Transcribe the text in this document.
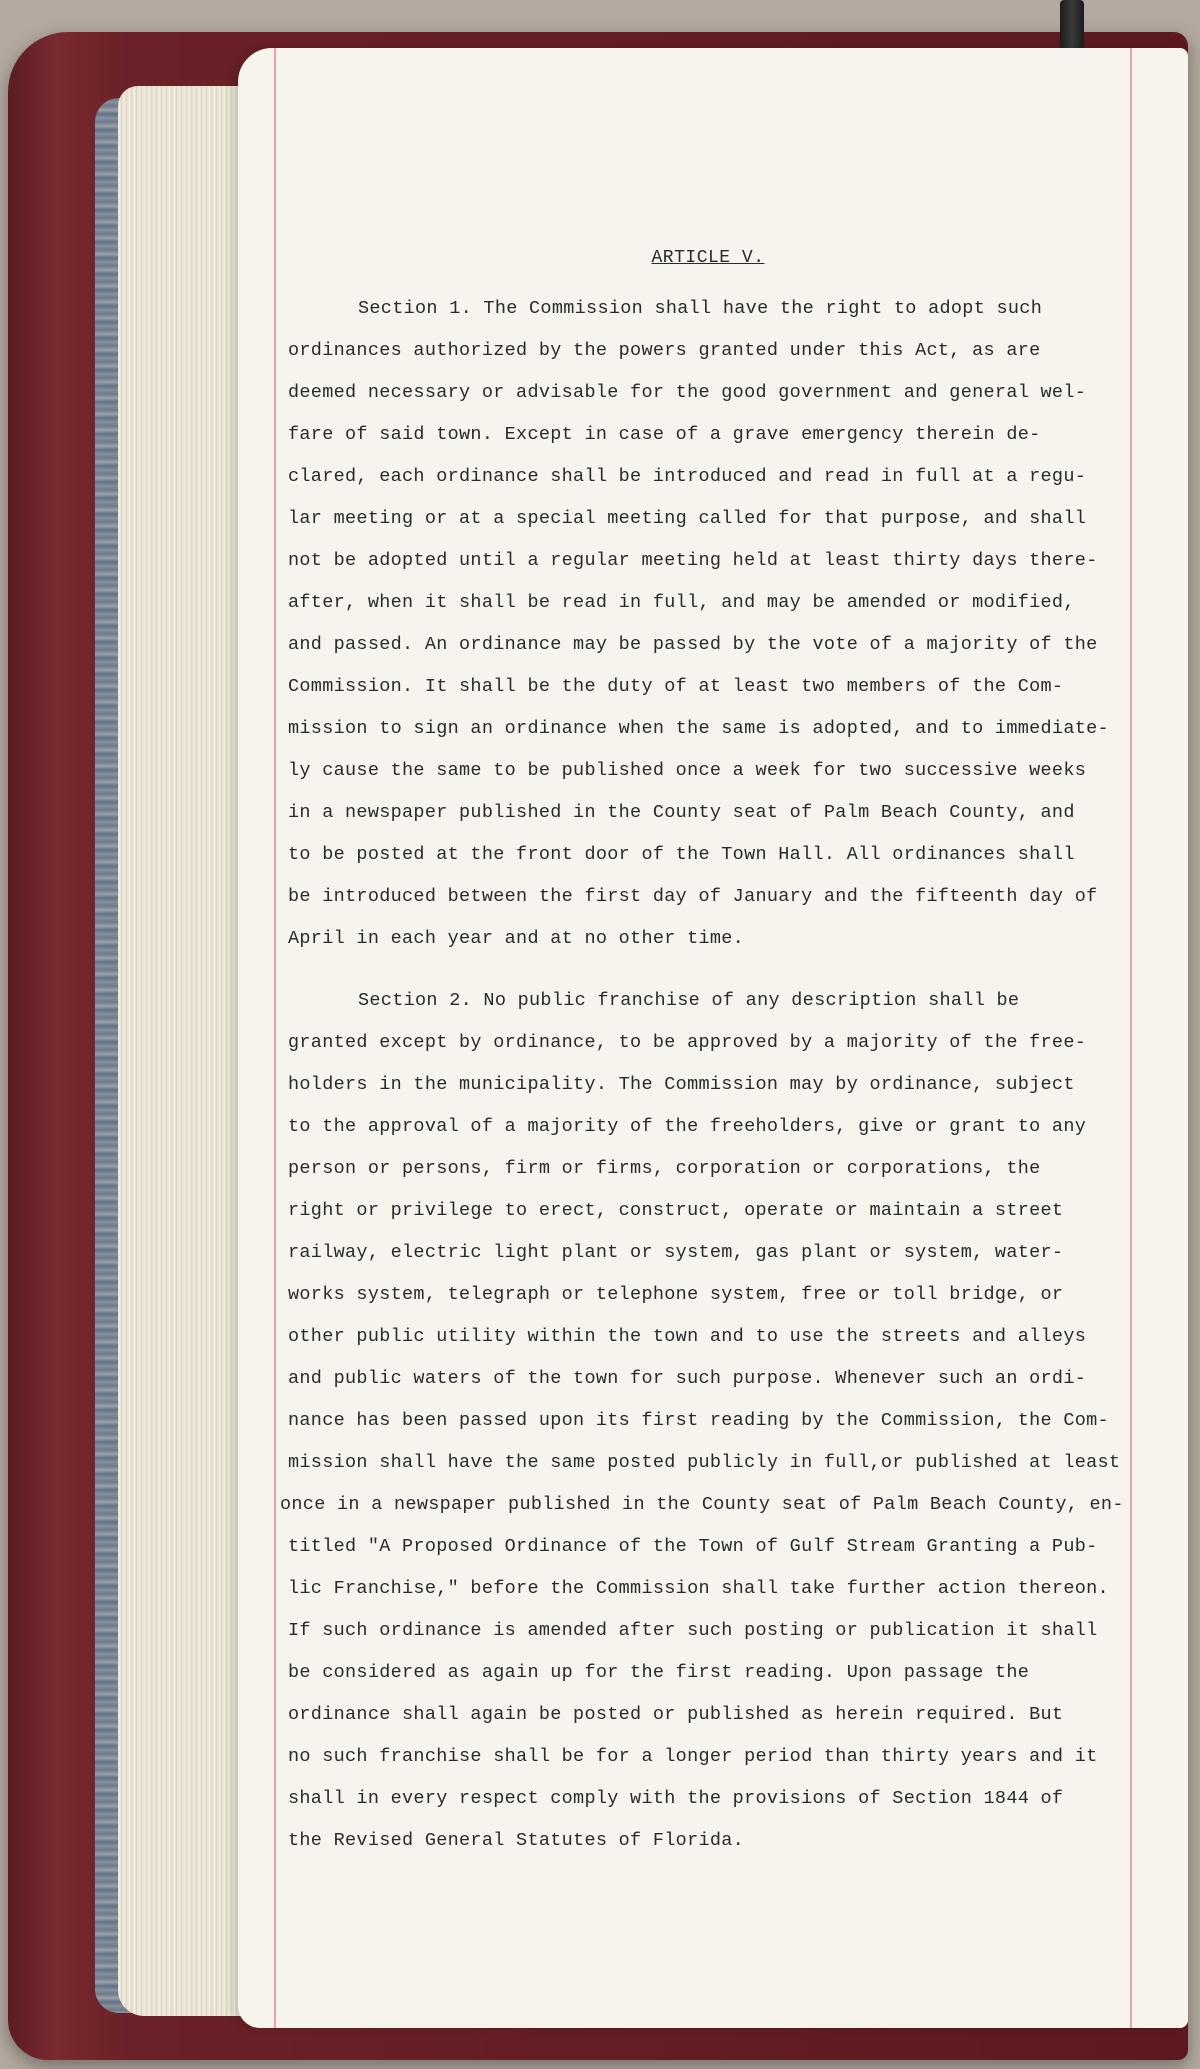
ARTICLE V.
Section 1. The Commission shall have the right to adopt such
ordinances authorized by the powers granted under this Act, as are
deemed necessary or advisable for the good government and general wel-
fare of said town. Except in case of a grave emergency therein de-
clared, each ordinance shall be introduced and read in full at a regu-
lar meeting or at a special meeting called for that purpose, and shall
not be adopted until a regular meeting held at least thirty days there-
after, when it shall be read in full, and may be amended or modified,
and passed. An ordinance may be passed by the vote of a majority of the
Commission. It shall be the duty of at least two members of the Com-
mission to sign an ordinance when the same is adopted, and to immediate-
ly cause the same to be published once a week for two successive weeks
in a newspaper published in the County seat of Palm Beach County, and
to be posted at the front door of the Town Hall. All ordinances shall
be introduced between the first day of January and the fifteenth day of
April in each year and at no other time.
Section 2. No public franchise of any description shall be
granted except by ordinance, to be approved by a majority of the free-
holders in the municipality. The Commission may by ordinance, subject
to the approval of a majority of the freeholders, give or grant to any
person or persons, firm or firms, corporation or corporations, the
right or privilege to erect, construct, operate or maintain a street
railway, electric light plant or system, gas plant or system, water-
works system, telegraph or telephone system, free or toll bridge, or
other public utility within the town and to use the streets and alleys
and public waters of the town for such purpose. Whenever such an ordi-
nance has been passed upon its first reading by the Commission, the Com-
mission shall have the same posted publicly in full,or published at least
once in a newspaper published in the County seat of Palm Beach County, en-
titled "A Proposed Ordinance of the Town of Gulf Stream Granting a Pub-
lic Franchise," before the Commission shall take further action thereon.
If such ordinance is amended after such posting or publication it shall
be considered as again up for the first reading. Upon passage the
ordinance shall again be posted or published as herein required. But
no such franchise shall be for a longer period than thirty years and it
shall in every respect comply with the provisions of Section 1844 of
the Revised General Statutes of Florida.
